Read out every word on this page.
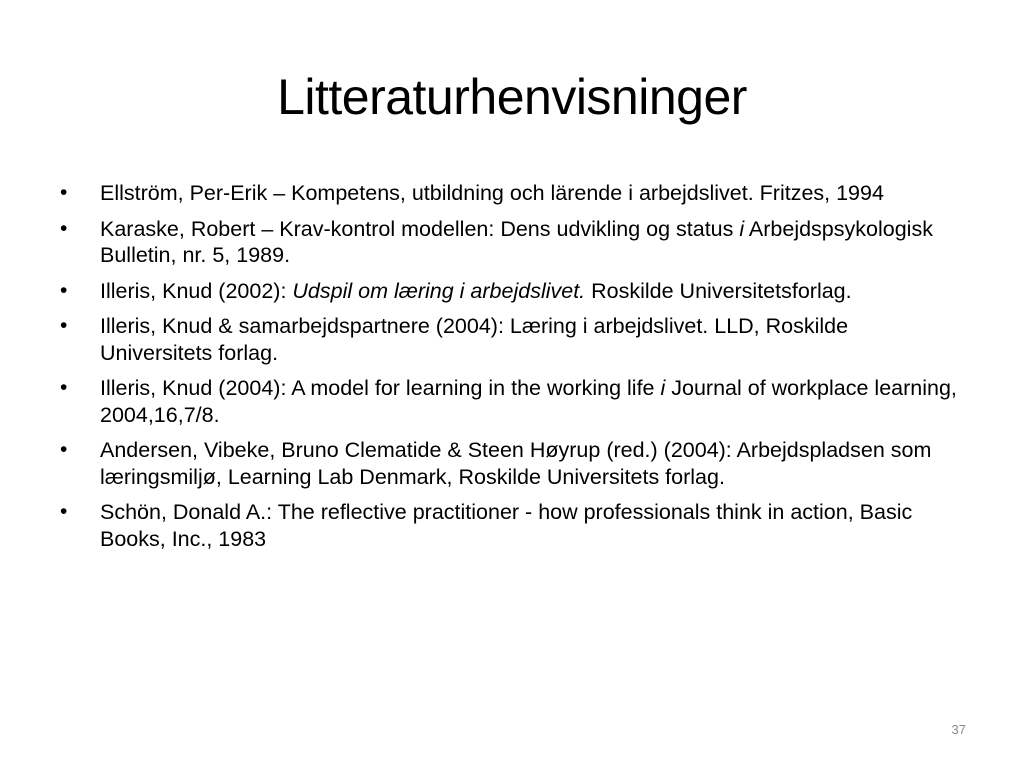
Litteraturhenvisninger
• Ellström, Per-Erik – Kompetens, utbildning och lärende i arbejdslivet. Fritzes, 1994
• Karaske, Robert – Krav-kontrol modellen: Dens udvikling og status i Arbejdspsykologisk Bulletin, nr. 5, 1989.
• Illeris, Knud (2002): Udspil om læring i arbejdslivet. Roskilde Universitetsforlag.
• Illeris, Knud & samarbejdspartnere (2004): Læring i arbejdslivet. LLD, Roskilde Universitets forlag.
• Illeris, Knud (2004): A model for learning in the working life i Journal of workplace learning, 2004,16,7/8.
• Andersen, Vibeke, Bruno Clematide & Steen Høyrup (red.) (2004): Arbejdspladsen som læringsmiljø, Learning Lab Denmark, Roskilde Universitets forlag.
• Schön, Donald A.: The reflective practitioner - how professionals think in action, Basic Books, Inc., 1983
37
